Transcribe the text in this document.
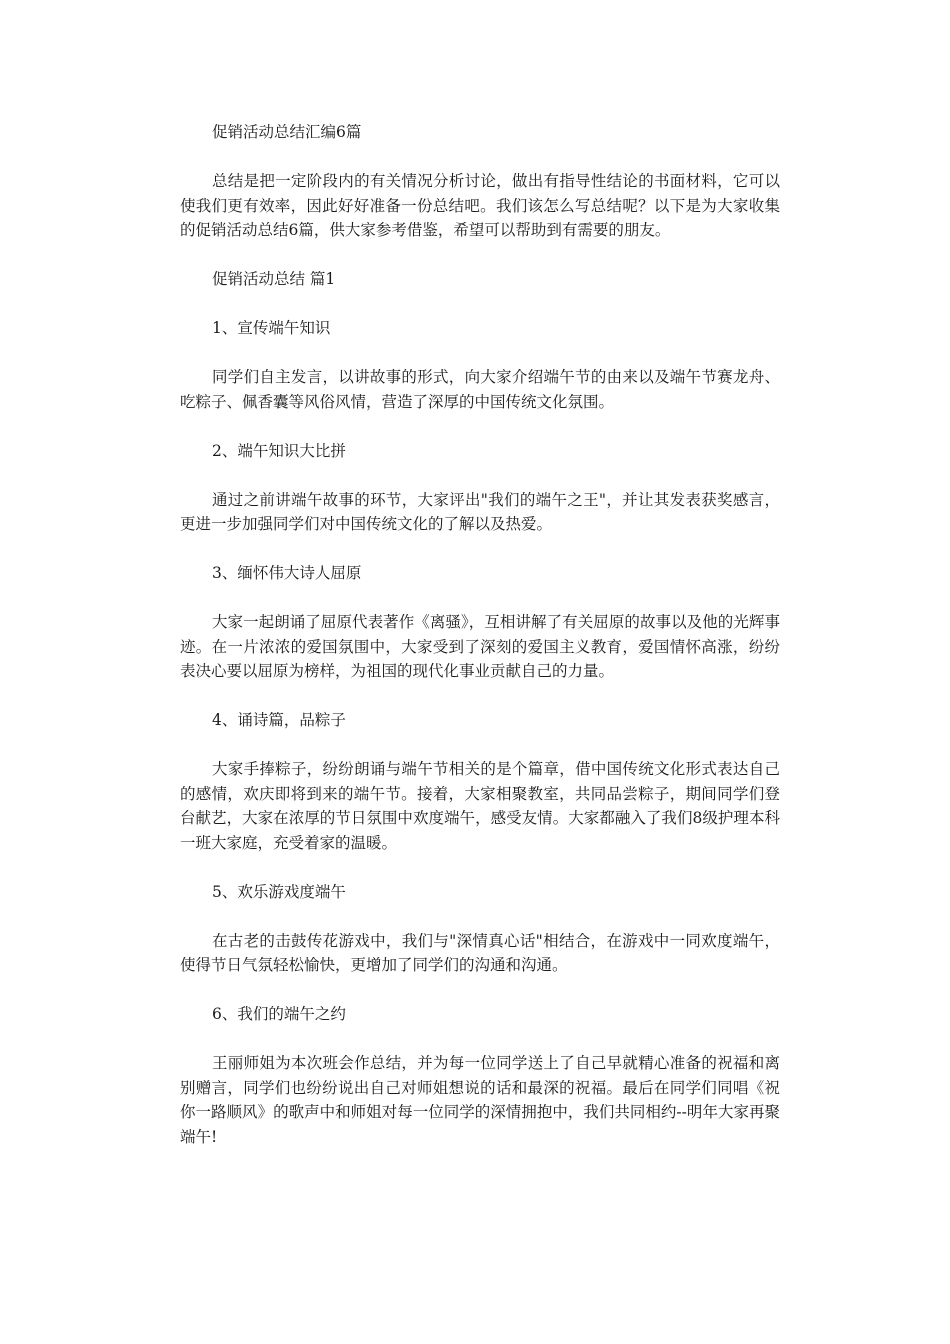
促销活动总结汇编6篇

总结是把一定阶段内的有关情况分析讨论，做出有指导性结论的书面材料，它可以使我们更有效率，因此好好准备一份总结吧。我们该怎么写总结呢？以下是为大家收集的促销活动总结6篇，供大家参考借鉴，希望可以帮助到有需要的朋友。

促销活动总结 篇1

1、宣传端午知识

同学们自主发言，以讲故事的形式，向大家介绍端午节的由来以及端午节赛龙舟、吃粽子、佩香囊等风俗风情，营造了深厚的中国传统文化氛围。

2、端午知识大比拼

通过之前讲端午故事的环节，大家评出"我们的端午之王"，并让其发表获奖感言，更进一步加强同学们对中国传统文化的了解以及热爱。

3、缅怀伟大诗人屈原

大家一起朗诵了屈原代表著作《离骚》，互相讲解了有关屈原的故事以及他的光辉事迹。在一片浓浓的爱国氛围中，大家受到了深刻的爱国主义教育，爱国情怀高涨，纷纷表决心要以屈原为榜样，为祖国的现代化事业贡献自己的力量。

4、诵诗篇，品粽子

大家手捧粽子，纷纷朗诵与端午节相关的是个篇章，借中国传统文化形式表达自己的感情，欢庆即将到来的端午节。接着，大家相聚教室，共同品尝粽子，期间同学们登台献艺，大家在浓厚的节日氛围中欢度端午，感受友情。大家都融入了我们8级护理本科一班大家庭，充受着家的温暖。

5、欢乐游戏度端午

在古老的击鼓传花游戏中，我们与"深情真心话"相结合，在游戏中一同欢度端午，使得节日气氛轻松愉快，更增加了同学们的沟通和沟通。

6、我们的端午之约

王丽师姐为本次班会作总结，并为每一位同学送上了自己早就精心准备的祝福和离别赠言，同学们也纷纷说出自己对师姐想说的话和最深的祝福。最后在同学们同唱《祝你一路顺风》的歌声中和师姐对每一位同学的深情拥抱中，我们共同相约--明年大家再聚端午!
